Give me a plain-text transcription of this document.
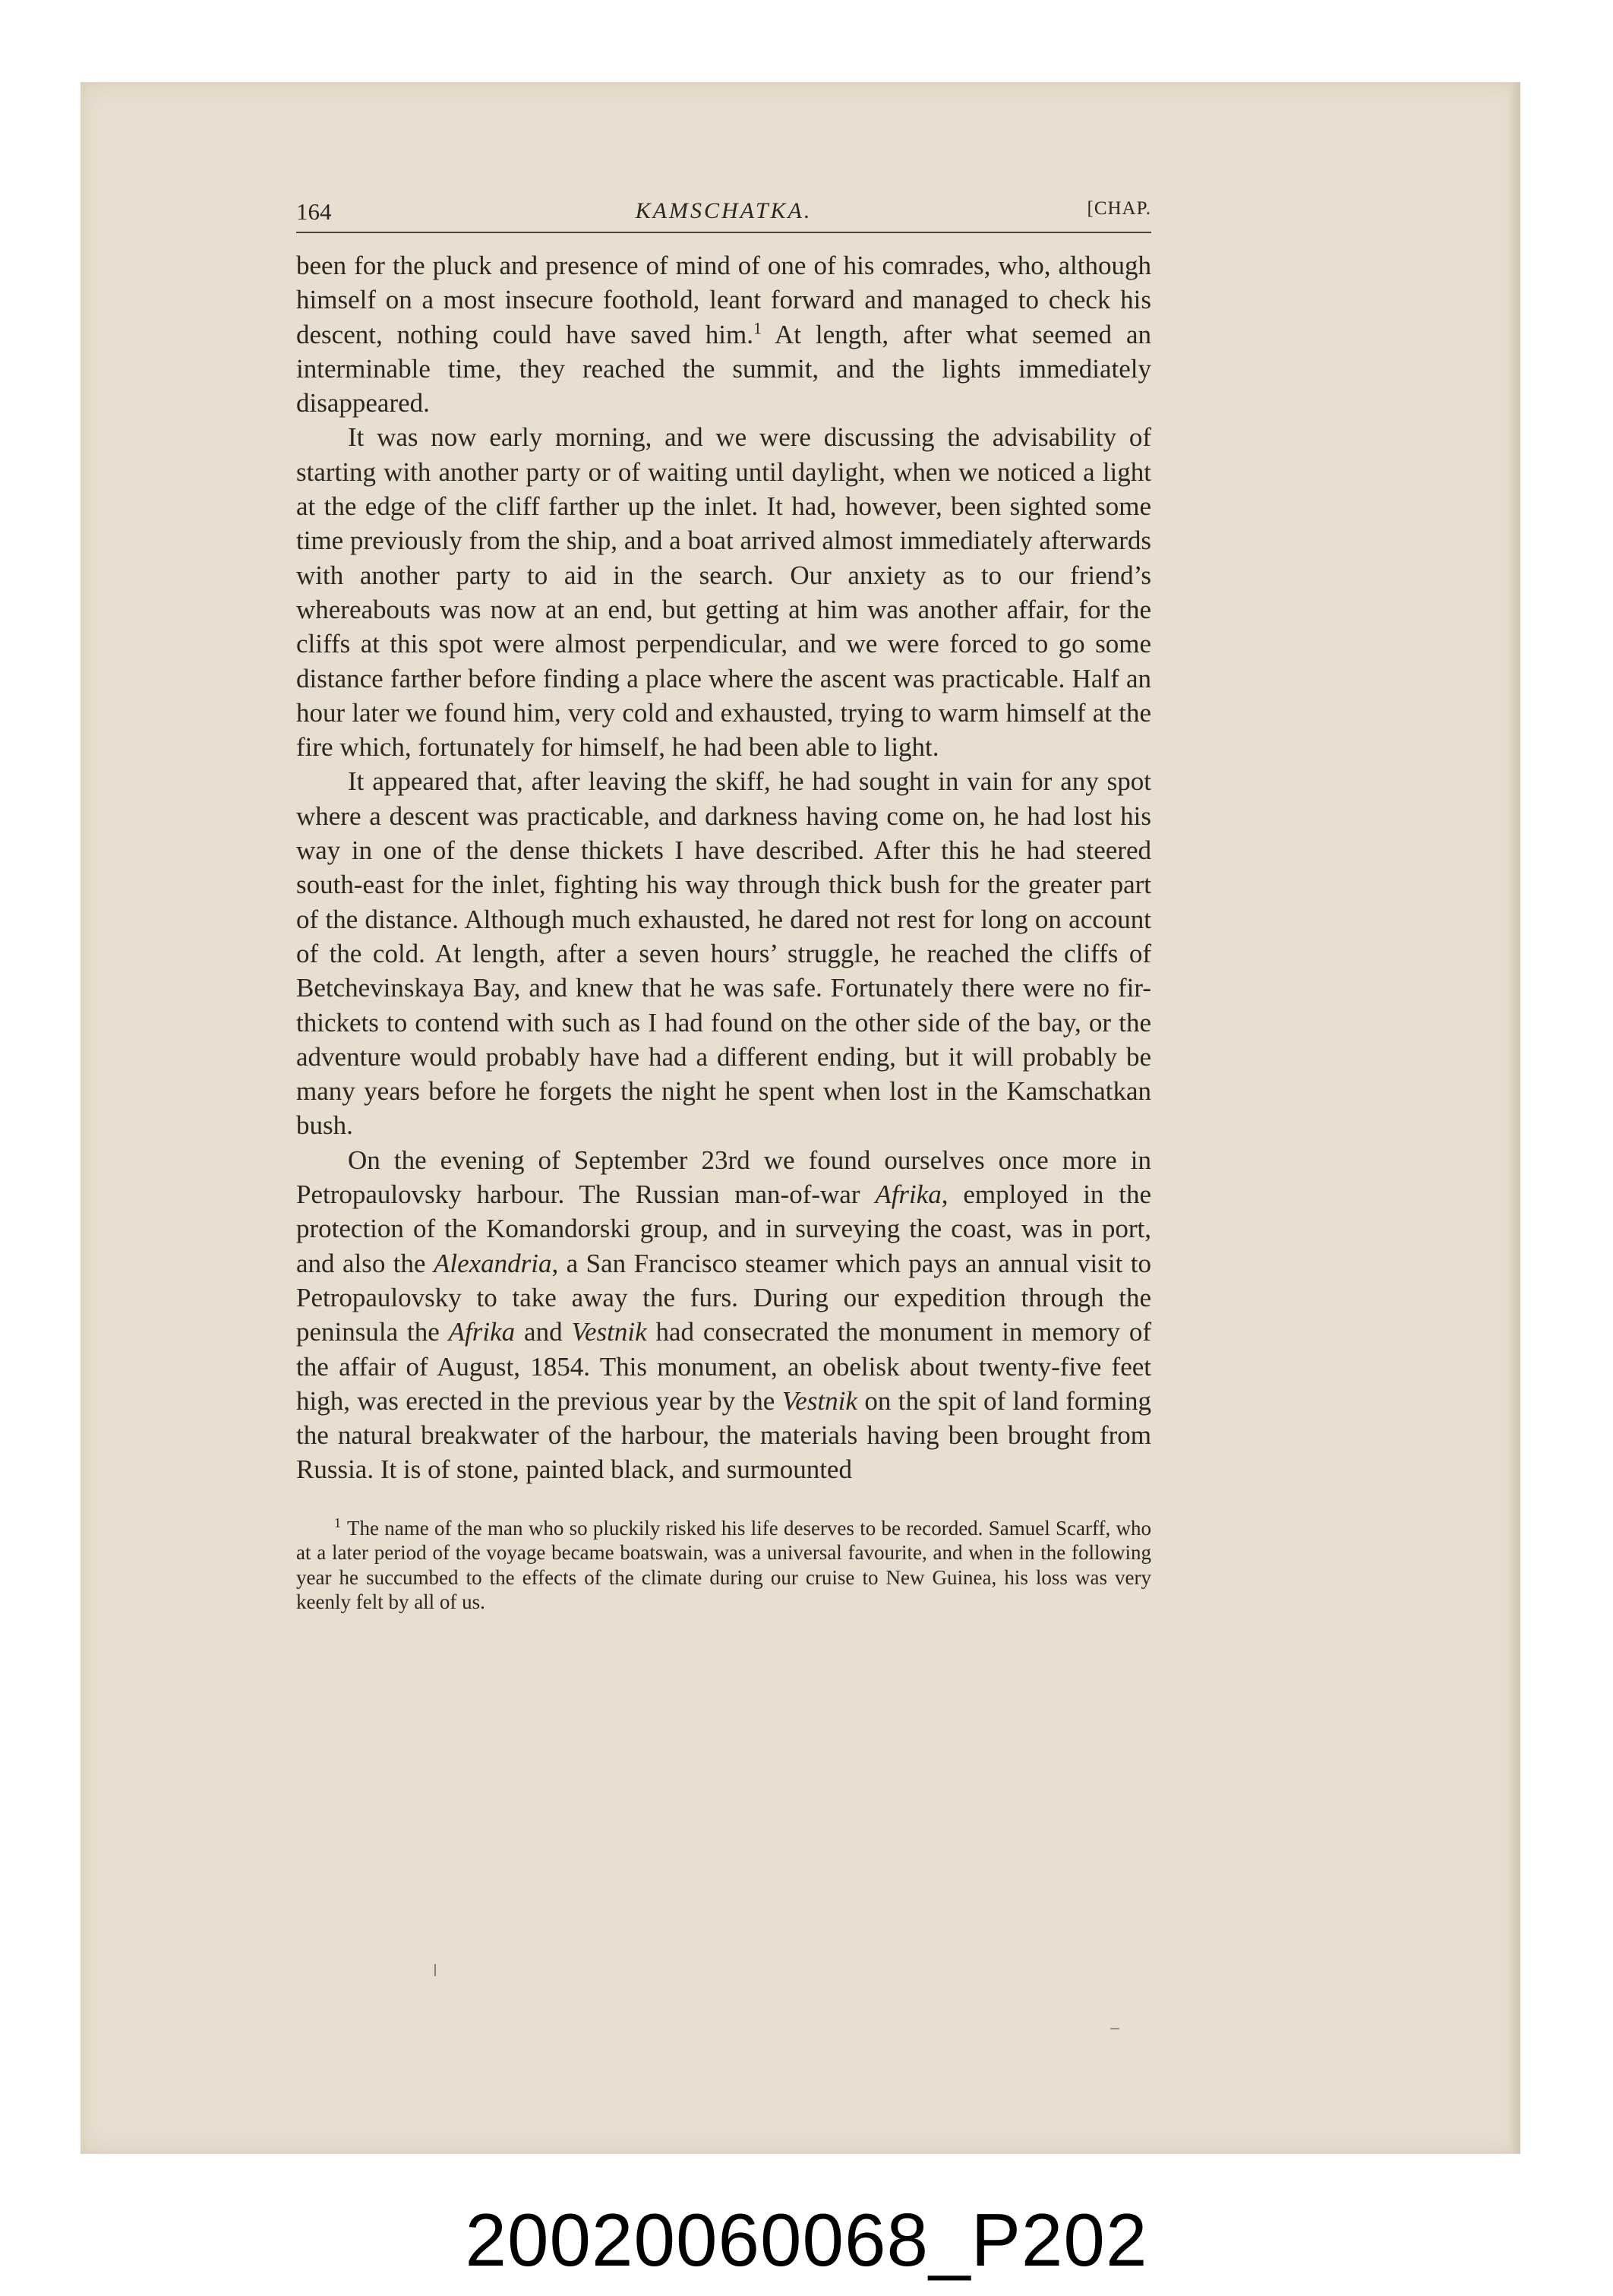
164	KAMSCHATKA.	[CHAP.

been for the pluck and presence of mind of one of his comrades, who, although himself on a most insecure foothold, leant forward and managed to check his descent, nothing could have saved him.$^1$ At length, after what seemed an interminable time, they reached the summit, and the lights immediately disappeared.

It was now early morning, and we were discussing the advisability of starting with another party or of waiting until daylight, when we noticed a light at the edge of the cliff farther up the inlet. It had, however, been sighted some time previously from the ship, and a boat arrived almost immediately afterwards with another party to aid in the search. Our anxiety as to our friend’s whereabouts was now at an end, but getting at him was another affair, for the cliffs at this spot were almost perpendicular, and we were forced to go some distance farther before finding a place where the ascent was practicable. Half an hour later we found him, very cold and exhausted, trying to warm himself at the fire which, fortunately for himself, he had been able to light.

It appeared that, after leaving the skiff, he had sought in vain for any spot where a descent was practicable, and darkness having come on, he had lost his way in one of the dense thickets I have described. After this he had steered south-east for the inlet, fighting his way through thick bush for the greater part of the distance. Although much exhausted, he dared not rest for long on account of the cold. At length, after a seven hours’ struggle, he reached the cliffs of Betchevinskaya Bay, and knew that he was safe. Fortunately there were no fir-thickets to contend with such as I had found on the other side of the bay, or the adventure would probably have had a different ending, but it will probably be many years before he forgets the night he spent when lost in the Kamschatkan bush.

On the evening of September 23rd we found ourselves once more in Petropaulovsky harbour. The Russian man-of-war Afrika, employed in the protection of the Komandorski group, and in surveying the coast, was in port, and also the Alexandria, a San Francisco steamer which pays an annual visit to Petropaulovsky to take away the furs. During our expedition through the peninsula the Afrika and Vestnik had consecrated the monument in memory of the affair of August, 1854. This monument, an obelisk about twenty-five feet high, was erected in the previous year by the Vestnik on the spit of land forming the natural breakwater of the harbour, the materials having been brought from Russia. It is of stone, painted black, and surmounted

$^1$ The name of the man who so pluckily risked his life deserves to be recorded. Samuel Scarff, who at a later period of the voyage became boatswain, was a universal favourite, and when in the following year he succumbed to the effects of the climate during our cruise to New Guinea, his loss was very keenly felt by all of us.
20020060068_P202
